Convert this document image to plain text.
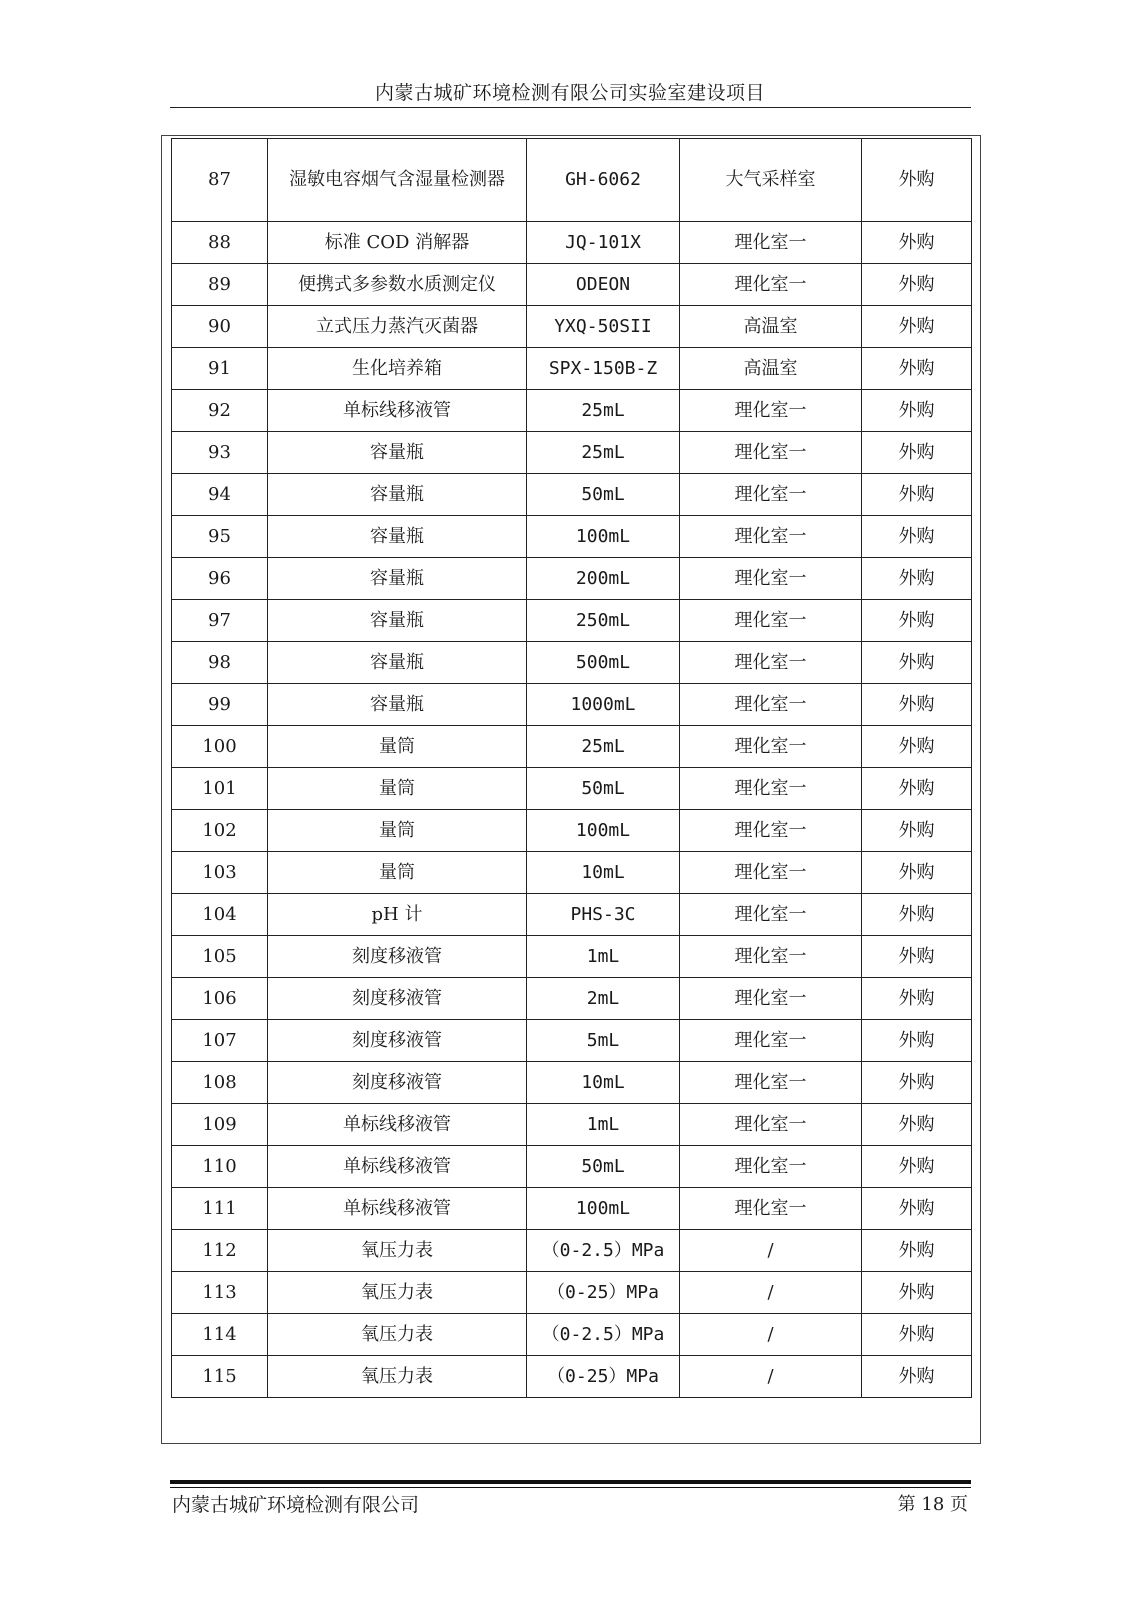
内蒙古城矿环境检测有限公司实验室建设项目
87	湿敏电容烟气含湿量检测器	GH-6062	大气采样室	外购
88	标准 COD 消解器	JQ-101X	理化室一	外购
89	便携式多参数水质测定仪	ODEON	理化室一	外购
90	立式压力蒸汽灭菌器	YXQ-50SII	高温室	外购
91	生化培养箱	SPX-150B-Z	高温室	外购
92	单标线移液管	25mL	理化室一	外购
93	容量瓶	25mL	理化室一	外购
94	容量瓶	50mL	理化室一	外购
95	容量瓶	100mL	理化室一	外购
96	容量瓶	200mL	理化室一	外购
97	容量瓶	250mL	理化室一	外购
98	容量瓶	500mL	理化室一	外购
99	容量瓶	1000mL	理化室一	外购
100	量筒	25mL	理化室一	外购
101	量筒	50mL	理化室一	外购
102	量筒	100mL	理化室一	外购
103	量筒	10mL	理化室一	外购
104	pH 计	PHS-3C	理化室一	外购
105	刻度移液管	1mL	理化室一	外购
106	刻度移液管	2mL	理化室一	外购
107	刻度移液管	5mL	理化室一	外购
108	刻度移液管	10mL	理化室一	外购
109	单标线移液管	1mL	理化室一	外购
110	单标线移液管	50mL	理化室一	外购
111	单标线移液管	100mL	理化室一	外购
112	氧压力表	（0-2.5）MPa	/	外购
113	氧压力表	（0-25）MPa	/	外购
114	氧压力表	（0-2.5）MPa	/	外购
115	氧压力表	（0-25）MPa	/	外购
内蒙古城矿环境检测有限公司	第 18 页
